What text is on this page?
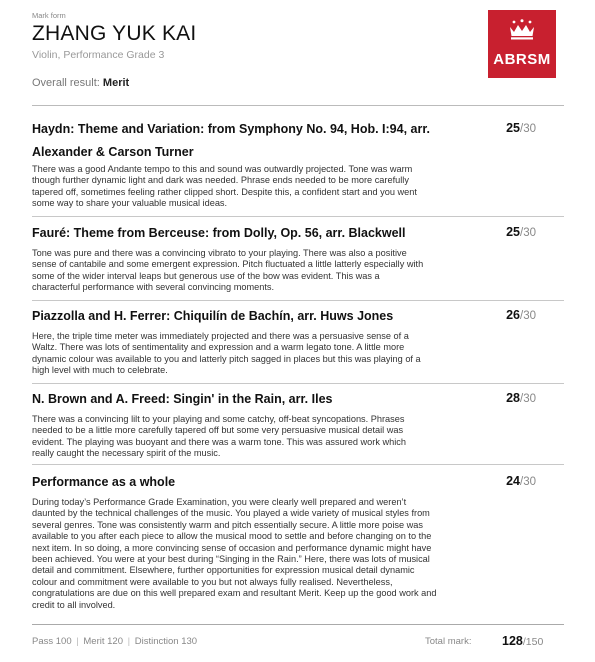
Mark form
ZHANG YUK KAI
Violin, Performance Grade 3
Overall result: Merit
ABRSM
Haydn: Theme and Variation: from Symphony No. 94, Hob. I:94, arr.
Alexander & Carson Turner
25/30
There was a good Andante tempo to this and sound was outwardly projected. Tone was warm though further dynamic light and dark was needed. Phrase ends needed to be more carefully tapered off, sometimes feeling rather clipped short. Despite this, a confident start and you went some way to share your valuable musical ideas.
Fauré: Theme from Berceuse: from Dolly, Op. 56, arr. Blackwell	25/30
Tone was pure and there was a convincing vibrato to your playing. There was also a positive sense of cantabile and some emergent expression. Pitch fluctuated a little latterly especially with some of the wider interval leaps but generous use of the bow was evident. This was a characterful performance with several convincing moments.
Piazzolla and H. Ferrer: Chiquilín de Bachín, arr. Huws Jones	26/30
Here, the triple time meter was immediately projected and there was a persuasive sense of a Waltz. There was lots of sentimentality and expression and a warm legato tone. A little more dynamic colour was available to you and latterly pitch sagged in places but this was playing of a high level with much to celebrate.
N. Brown and A. Freed: Singin' in the Rain, arr. Iles	28/30
There was a convincing lilt to your playing and some catchy, off-beat syncopations. Phrases needed to be a little more carefully tapered off but some very persuasive musical detail was evident. The playing was buoyant and there was a warm tone. This was assured work which really caught the necessary spirit of the music.
Performance as a whole	24/30
During today’s Performance Grade Examination, you were clearly well prepared and weren’t daunted by the technical challenges of the music. You played a wide variety of musical styles from several genres. Tone was consistently warm and pitch essentially secure. A little more poise was available to you after each piece to allow the musical mood to settle and before changing on to the next item. In so doing, a more convincing sense of occasion and performance dynamic might have been achieved. You were at your best during “Singing in the Rain.” Here, there was lots of musical detail and commitment. Elsewhere, further opportunities for expression musical detail dynamic colour and commitment were available to you but not always fully realised. Nevertheless, congratulations are due on this well prepared exam and resultant Merit. Keep up the good work and credit to all involved.
Pass 100 | Merit 120 | Distinction 130	Total mark: 128/150
